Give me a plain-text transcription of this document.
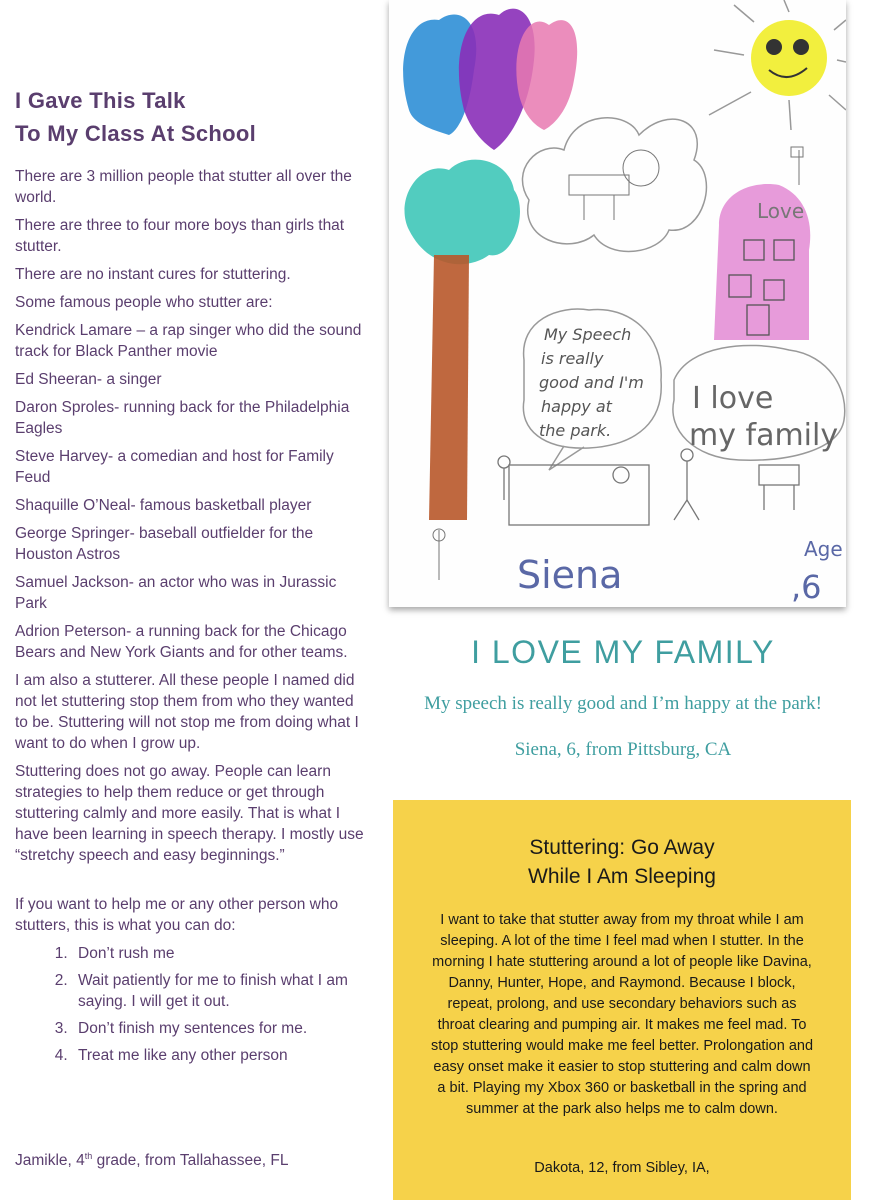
I Gave This Talk
To My Class At School

There are 3 million people that stutter all over the world.

There are three to four more boys than girls that stutter.

There are no instant cures for stuttering.

Some famous people who stutter are:

Kendrick Lamare – a rap singer who did the sound track for Black Panther movie

Ed Sheeran- a singer

Daron Sproles- running back for the Philadelphia Eagles

Steve Harvey- a comedian and host for Family Feud

Shaquille O’Neal- famous basketball player

George Springer- baseball outfielder for the Houston Astros

Samuel Jackson- an actor who was in Jurassic Park

Adrion Peterson- a running back for the Chicago Bears and New York Giants and for other teams.

I am also a stutterer. All these people I named did not let stuttering stop them from who they wanted to be. Stuttering will not stop me from doing what I want to do when I grow up.

Stuttering does not go away. People can learn strategies to help them reduce or get through stuttering calmly and more easily. That is what I have been learning in speech therapy. I mostly use “stretchy speech and easy beginnings.”

If you want to help me or any other person who stutters, this is what you can do:

1. Don’t rush me
2. Wait patiently for me to finish what I am saying. I will get it out.
3. Don’t finish my sentences for me.
4. Treat me like any other person
Jamikle, 4th grade, from Tallahassee, FL
Love
My Speech
is really
good and I'm
happy at
the park.
I love
my family
Siena
Age
,6
I LOVE MY FAMILY
My speech is really good and I’m happy at the park!
Siena, 6, from Pittsburg, CA
Stuttering: Go Away
While I Am Sleeping
I want to take that stutter away from my throat while I am sleeping. A lot of the time I feel mad when I stutter. In the morning I hate stuttering around a lot of people like Davina, Danny, Hunter, Hope, and Raymond. Because I block, repeat, prolong, and use secondary behaviors such as throat clearing and pumping air. It makes me feel mad. To stop stuttering would make me feel better. Prolongation and easy onset make it easier to stop stuttering and calm down a bit. Playing my Xbox 360 or basketball in the spring and summer at the park also helps me to calm down.
Dakota, 12, from Sibley, IA,
